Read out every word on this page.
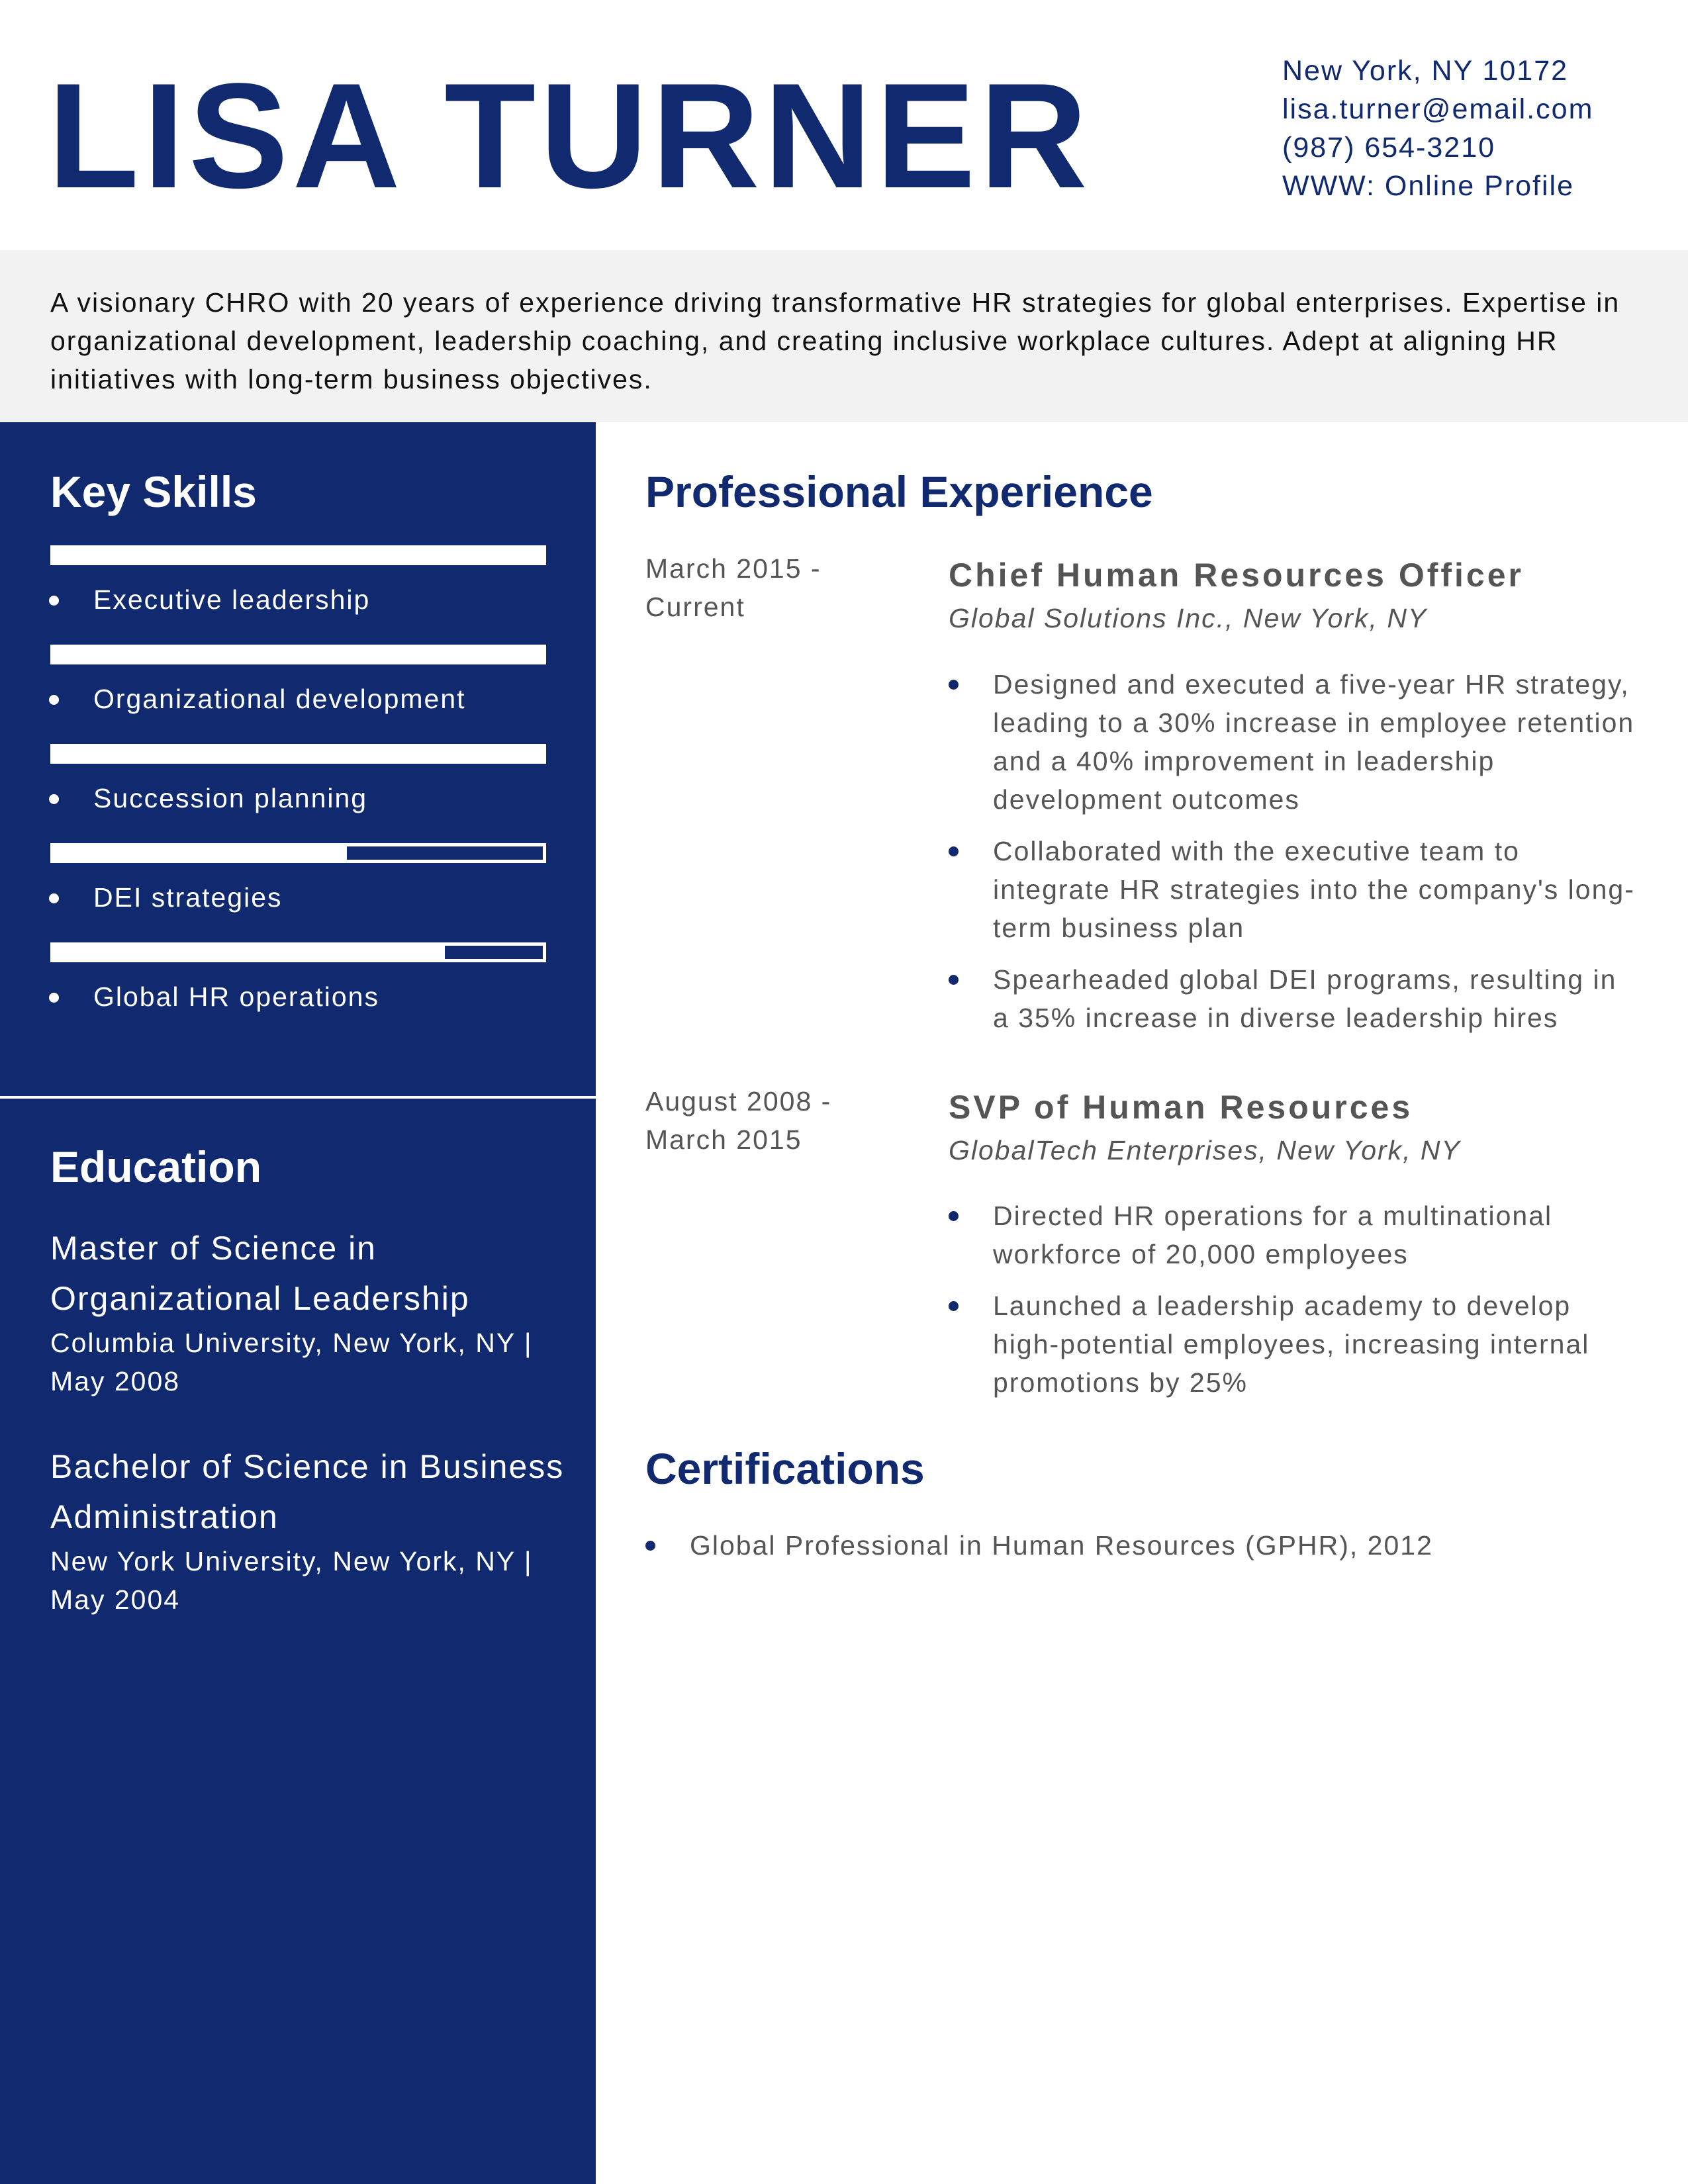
LISA TURNER	New York, NY 10172
lisa.turner@email.com
(987) 654-3210
WWW: Online Profile
A visionary CHRO with 20 years of experience driving transformative HR strategies for global enterprises. Expertise in organizational development, leadership coaching, and creating inclusive workplace cultures. Adept at aligning HR initiatives with long-term business objectives.
Key Skills
Executive leadership
Organizational development
Succession planning
DEI strategies
Global HR operations
Education
Master of Science in Organizational Leadership
Columbia University, New York, NY | May 2008
Bachelor of Science in Business Administration
New York University, New York, NY | May 2004
Professional Experience
March 2015 - Current
Chief Human Resources Officer
Global Solutions Inc., New York, NY
Designed and executed a five-year HR strategy, leading to a 30% increase in employee retention and a 40% improvement in leadership development outcomes
Collaborated with the executive team to integrate HR strategies into the company's long-term business plan
Spearheaded global DEI programs, resulting in a 35% increase in diverse leadership hires
August 2008 - March 2015
SVP of Human Resources
GlobalTech Enterprises, New York, NY
Directed HR operations for a multinational workforce of 20,000 employees
Launched a leadership academy to develop high-potential employees, increasing internal promotions by 25%
Certifications
Global Professional in Human Resources (GPHR), 2012
